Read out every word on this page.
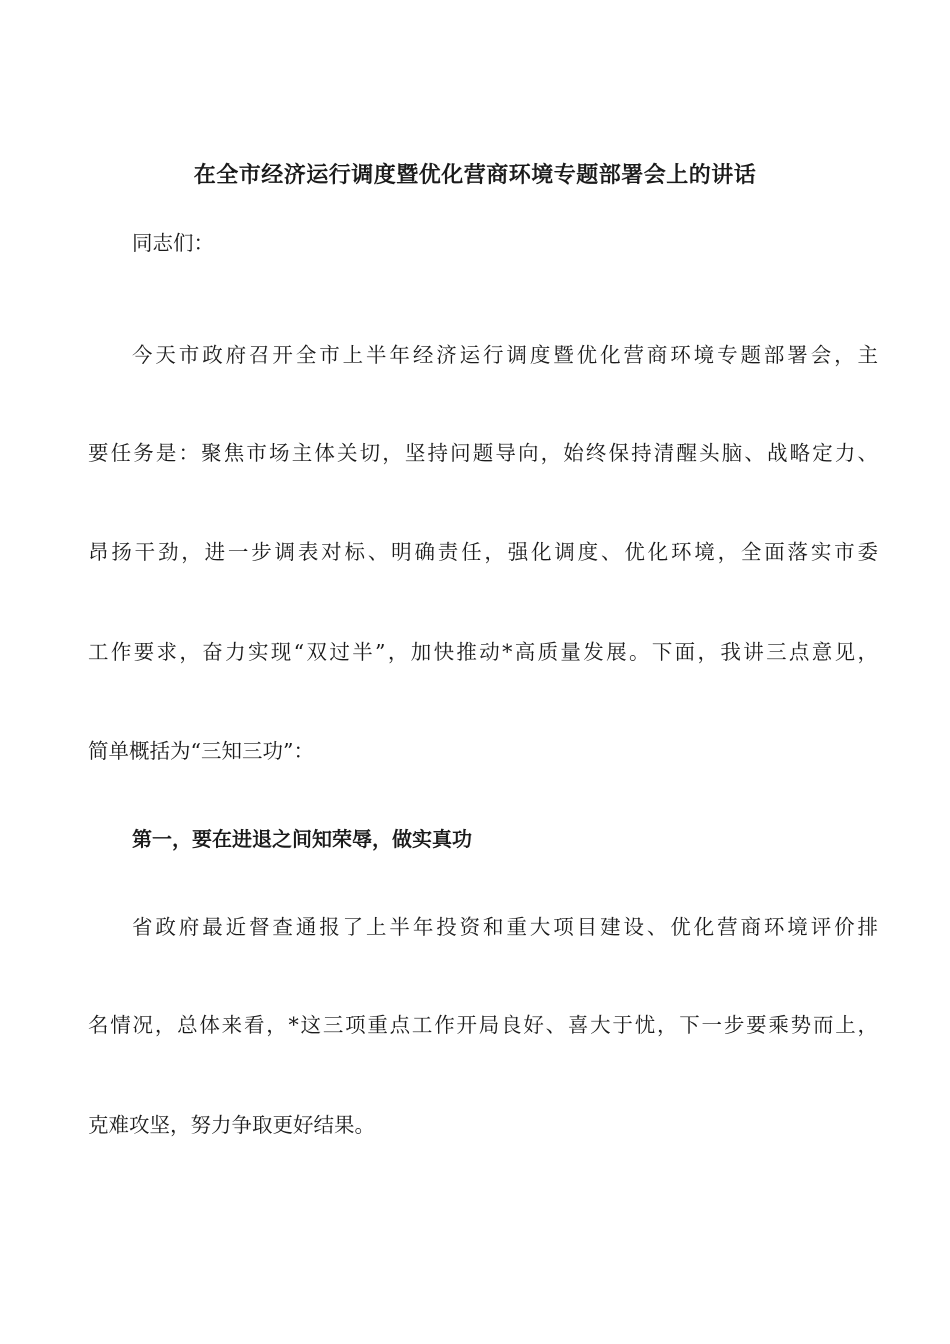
在全市经济运行调度暨优化营商环境专题部署会上的讲话

同志们：

今天市政府召开全市上半年经济运行调度暨优化营商环境专题部署会，主

要任务是：聚焦市场主体关切，坚持问题导向，始终保持清醒头脑、战略定力、

昂扬干劲，进一步调表对标、明确责任，强化调度、优化环境，全面落实市委

工作要求，奋力实现“双过半”，加快推动*高质量发展。下面，我讲三点意见，

简单概括为“三知三功”：

第一，要在进退之间知荣辱，做实真功

省政府最近督查通报了上半年投资和重大项目建设、优化营商环境评价排

名情况，总体来看，*这三项重点工作开局良好、喜大于忧，下一步要乘势而上，

克难攻坚，努力争取更好结果。
